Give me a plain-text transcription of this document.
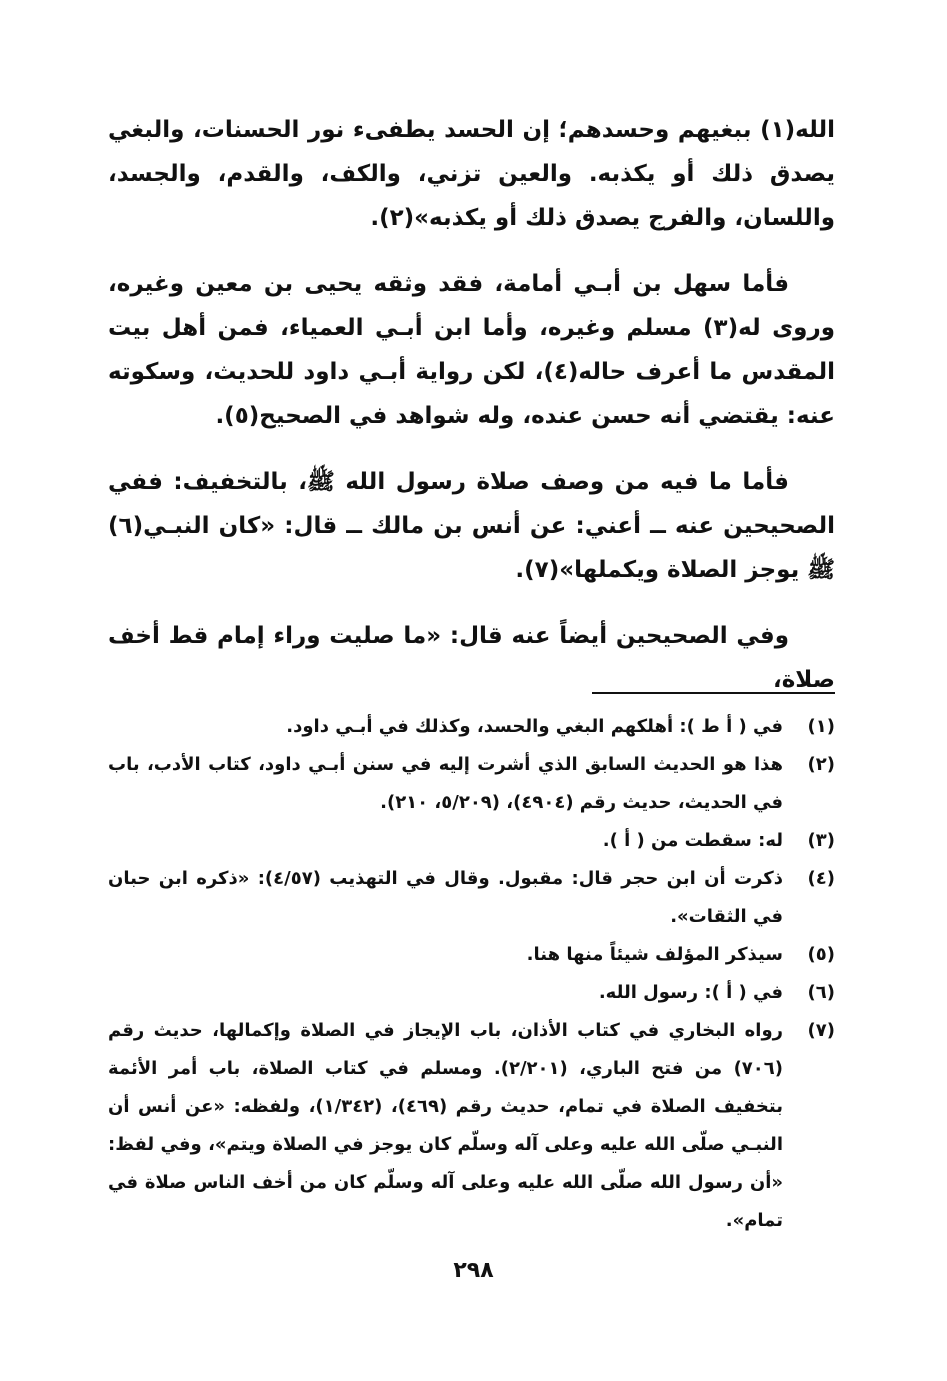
الله(١) ببغيهم وحسدهم؛ إن الحسد يطفىء نور الحسنات، والبغي يصدق ذلك أو يكذبه. والعين تزني، والكف، والقدم، والجسد، واللسان، والفرج يصدق ذلك أو يكذبه»(٢).

فأما سهل بن أبـي أمامة، فقد وثقه يحيى بن معين وغيره، وروى له(٣) مسلم وغيره، وأما ابن أبـي العمياء، فمن أهل بيت المقدس ما أعرف حاله(٤)، لكن رواية أبـي داود للحديث، وسكوته عنه: يقتضي أنه حسن عنده، وله شواهد في الصحيح(٥).

فأما ما فيه من وصف صلاة رسول الله ﷺ، بالتخفيف: ففي الصحيحين عنه ــ أعني: عن أنس بن مالك ــ قال: «كان النبـي(٦) ﷺ يوجز الصلاة ويكملها»(٧).

وفي الصحيحين أيضاً عنه قال: «ما صليت وراء إمام قط أخف صلاة،

(١)
في ( أ ط ): أهلكهم البغي والحسد، وكذلك في أبـي داود.
(٢)
هذا هو الحديث السابق الذي أشرت إليه في سنن أبـي داود، كتاب الأدب، باب في الحديث، حديث رقم (٤٩٠٤)، (٥/٢٠٩، ٢١٠).
(٣)
له: سقطت من ( أ ).
(٤)
ذكرت أن ابن حجر قال: مقبول. وقال في التهذيب (٤/٥٧): «ذكره ابن حبان في الثقات».
(٥)
سيذكر المؤلف شيئاً منها هنا.
(٦)
في ( أ ): رسول الله.
(٧)
رواه البخاري في كتاب الأذان، باب الإيجاز في الصلاة وإكمالها، حديث رقم (٧٠٦) من فتح الباري، (٢/٢٠١). ومسلم في كتاب الصلاة، باب أمر الأئمة بتخفيف الصلاة في تمام، حديث رقم (٤٦٩)، (١/٣٤٢)، ولفظه: «عن أنس أن النبـي صلّى الله عليه وعلى آله وسلّم كان يوجز في الصلاة ويتم»، وفي لفظ: «أن رسول الله صلّى الله عليه وعلى آله وسلّم كان من أخف الناس صلاة في تمام».
٢٩٨
